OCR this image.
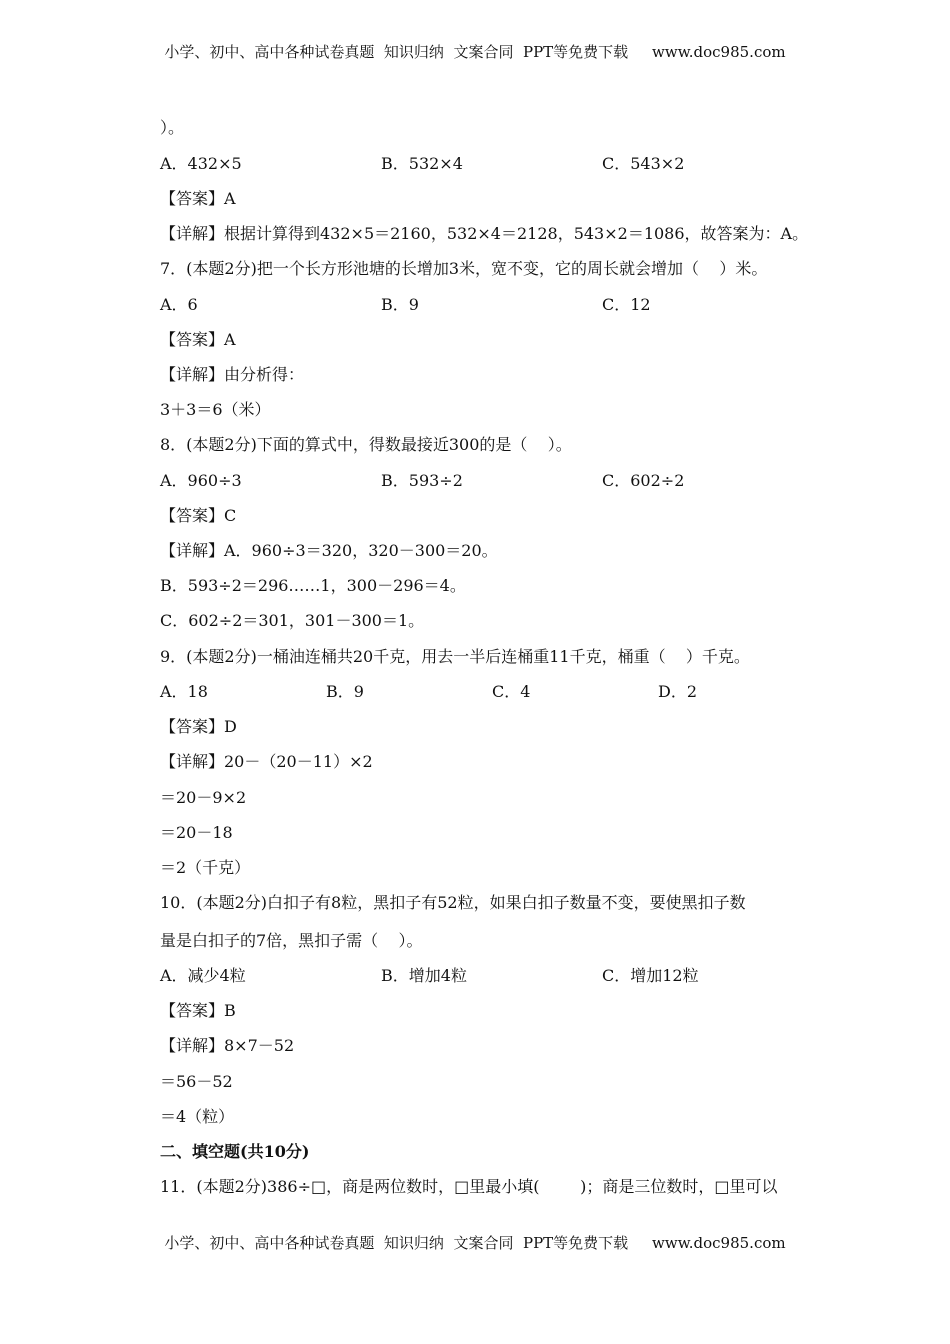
小学、初中、高中各种试卷真题  知识归纳  文案合同  PPT等免费下载     www.doc985.com
）。
A．432×5	B．532×4	C．543×2
【答案】A
【详解】根据计算得到432×5＝2160，532×4＝2128，543×2＝1086，故答案为：A。
7．(本题2分)把一个长方形池塘的长增加3米，宽不变，它的周长就会增加（    ）米。
A．6	B．9	C．12
【答案】A
【详解】由分析得：
3＋3＝6（米）
8．(本题2分)下面的算式中，得数最接近300的是（    ）。
A．960÷3	B．593÷2	C．602÷2
【答案】C
【详解】A．960÷3＝320，320－300＝20。
B．593÷2＝296……1，300－296＝4。
C．602÷2＝301，301－300＝1。
9．(本题2分)一桶油连桶共20千克，用去一半后连桶重11千克，桶重（    ）千克。
A．18	B．9	C．4	D．2
【答案】D
【详解】20－（20－11）×2
＝20－9×2
＝20－18
＝2（千克）
10．(本题2分)白扣子有8粒，黑扣子有52粒，如果白扣子数量不变，要使黑扣子数
量是白扣子的7倍，黑扣子需（    ）。
A．减少4粒	B．增加4粒	C．增加12粒
【答案】B
【详解】8×7－52
＝56－52
＝4（粒）
二、填空题(共10分)
11．(本题2分)386÷□，商是两位数时，□里最小填(        )；商是三位数时，□里可以
小学、初中、高中各种试卷真题  知识归纳  文案合同  PPT等免费下载     www.doc985.com
